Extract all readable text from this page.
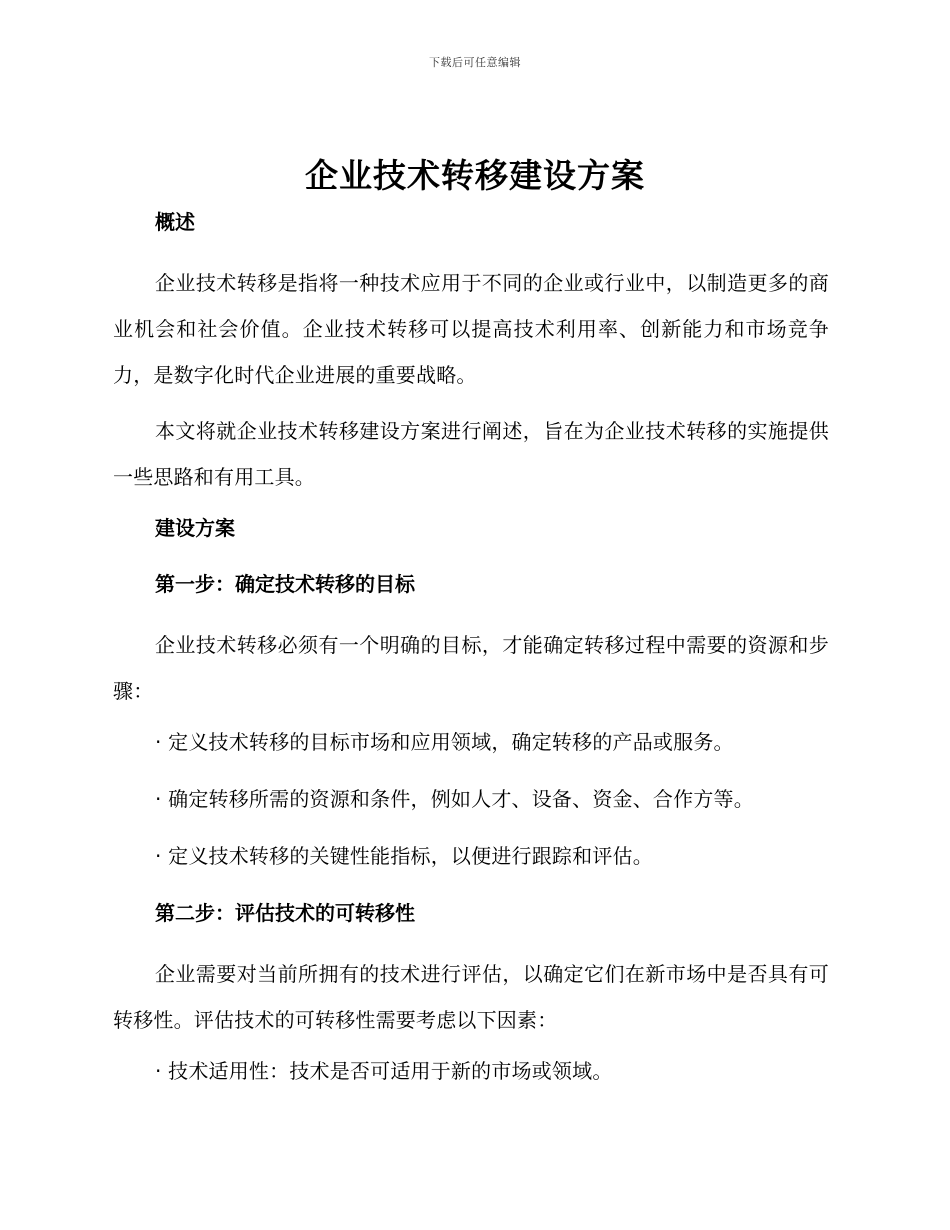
下载后可任意编辑
企业技术转移建设方案
概述

企业技术转移是指将一种技术应用于不同的企业或行业中，以制造更多的商业机会和社会价值。企业技术转移可以提高技术利用率、创新能力和市场竞争力，是数字化时代企业进展的重要战略。

本文将就企业技术转移建设方案进行阐述，旨在为企业技术转移的实施提供一些思路和有用工具。

建设方案
第一步：确定技术转移的目标

企业技术转移必须有一个明确的目标，才能确定转移过程中需要的资源和步骤：

· 定义技术转移的目标市场和应用领域，确定转移的产品或服务。
· 确定转移所需的资源和条件，例如人才、设备、资金、合作方等。
· 定义技术转移的关键性能指标，以便进行跟踪和评估。
第二步：评估技术的可转移性

企业需要对当前所拥有的技术进行评估，以确定它们在新市场中是否具有可转移性。评估技术的可转移性需要考虑以下因素：

· 技术适用性：技术是否可适用于新的市场或领域。
